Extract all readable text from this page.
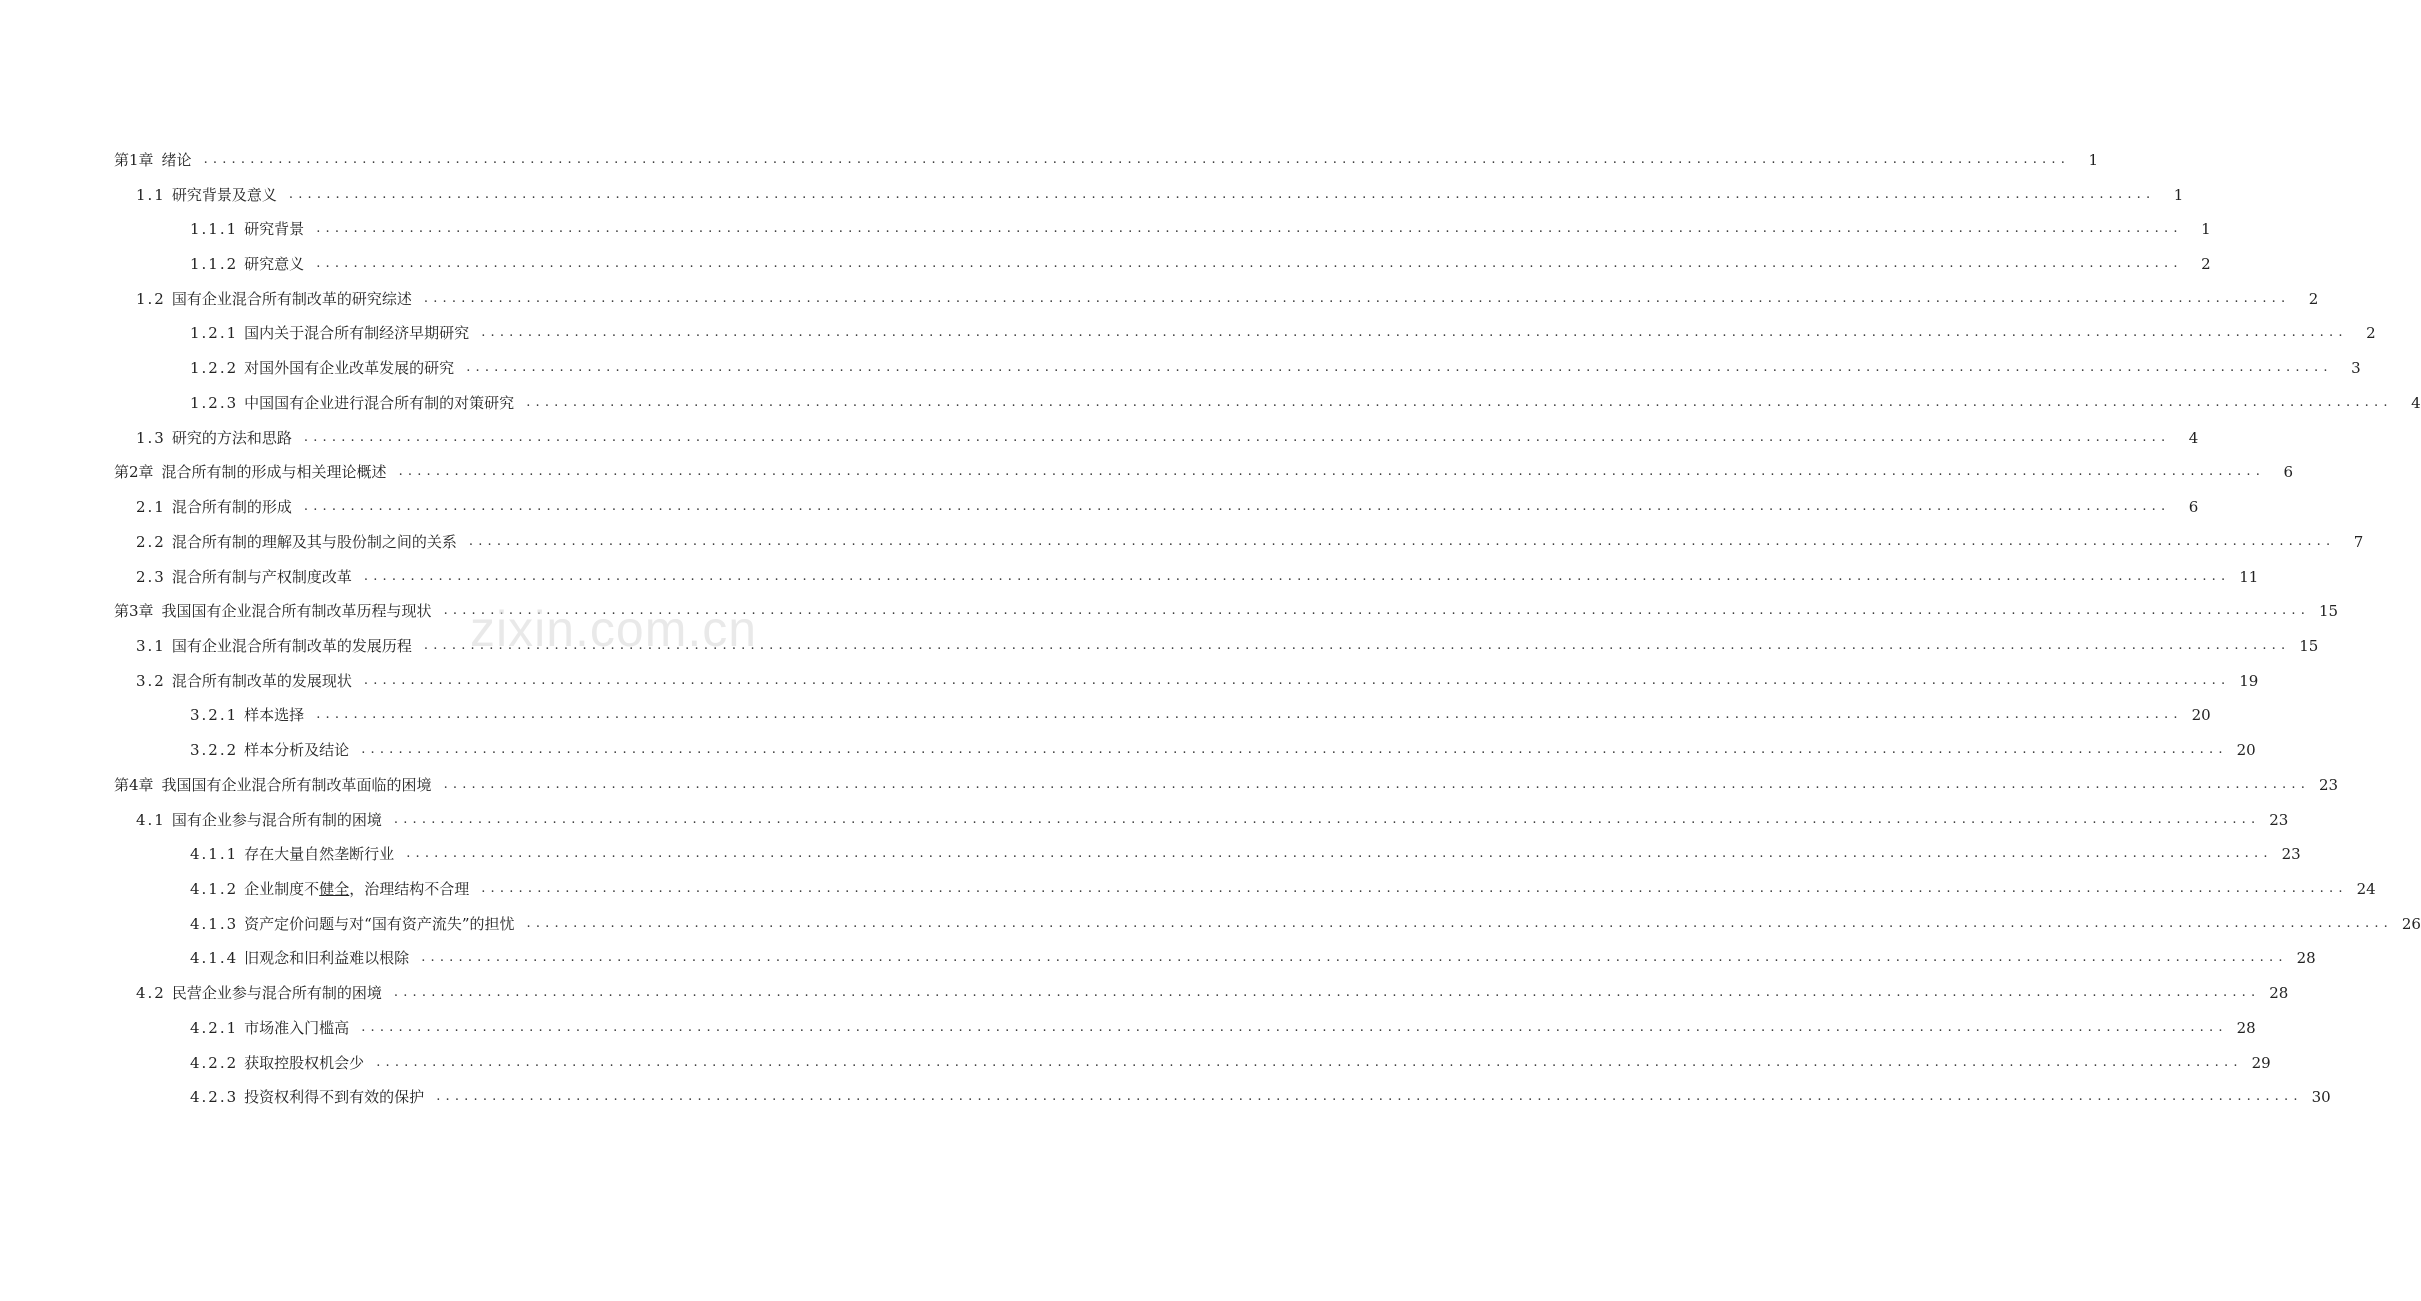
第1章 绪论 ........................................................................................................................................................................................................	1
1.1 研究背景及意义 ........................................................................................................................................................................................................	1
1.1.1 研究背景 ........................................................................................................................................................................................................	1
1.1.2 研究意义 ........................................................................................................................................................................................................	2
1.2 国有企业混合所有制改革的研究综述 ........................................................................................................................................................................................................	2
1.2.1 国内关于混合所有制经济早期研究 ........................................................................................................................................................................................................	2
1.2.2 对国外国有企业改革发展的研究 ........................................................................................................................................................................................................	3
1.2.3 中国国有企业进行混合所有制的对策研究 ........................................................................................................................................................................................................	4
1.3 研究的方法和思路 ........................................................................................................................................................................................................	4
第2章 混合所有制的形成与相关理论概述 ........................................................................................................................................................................................................	6
2.1 混合所有制的形成 ........................................................................................................................................................................................................	6
2.2 混合所有制的理解及其与股份制之间的关系 ........................................................................................................................................................................................................	7
2.3 混合所有制与产权制度改革 ........................................................................................................................................................................................................ 11
第3章 我国国有企业混合所有制改革历程与现状 ........................................................................................................................................................................................................ 15
3.1 国有企业混合所有制改革的发展历程 ........................................................................................................................................................................................................ 15
3.2 混合所有制改革的发展现状 ........................................................................................................................................................................................................ 19
3.2.1 样本选择 ........................................................................................................................................................................................................ 20
3.2.2 样本分析及结论 ........................................................................................................................................................................................................ 20
第4章 我国国有企业混合所有制改革面临的困境 ........................................................................................................................................................................................................ 23
4.1 国有企业参与混合所有制的困境 ........................................................................................................................................................................................................ 23
4.1.1 存在大量自然垄断行业 ........................................................................................................................................................................................................ 23
4.1.2 企业制度不健全，治理结构不合理 ........................................................................................................................................................................................................ 24
4.1.3 资产定价问题与对“国有资产流失”的担忧 ........................................................................................................................................................................................................ 26
4.1.4 旧观念和旧利益难以根除 ........................................................................................................................................................................................................ 28
4.2 民营企业参与混合所有制的困境 ........................................................................................................................................................................................................ 28
4.2.1 市场准入门槛高 ........................................................................................................................................................................................................ 28
4.2.2 获取控股权机会少 ........................................................................................................................................................................................................ 29
4.2.3 投资权利得不到有效的保护 ........................................................................................................................................................................................................ 30
zixin.com.cn
